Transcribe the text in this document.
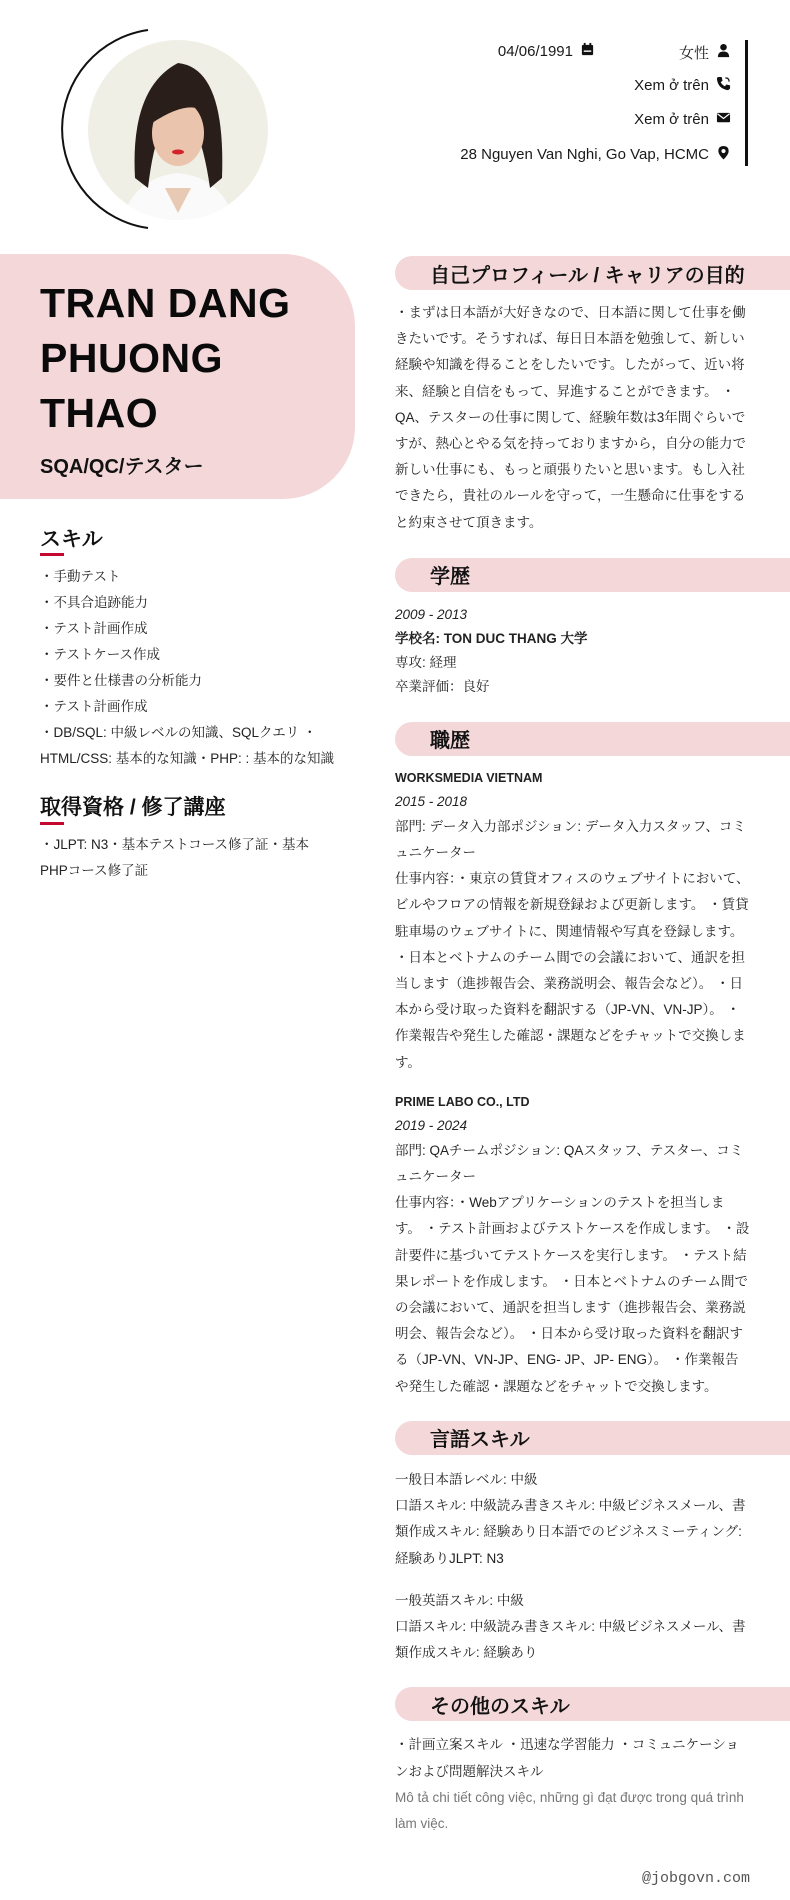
04/06/1991	女性
Xem ở trên
Xem ở trên
28 Nguyen Van Nghi, Go Vap, HCMC
TRAN DANG
PHUONG
THAO
SQA/QC/テスター
スキル
・手動テスト
・不具合追跡能力
・テスト計画作成
・テストケース作成
・要件と仕様書の分析能力
・テスト計画作成
・DB/SQL: 中級レベルの知識、SQLクエリ ・
HTML/CSS: 基本的な知識・PHP: : 基本的な知識
取得資格 / 修了講座
・JLPT: N3・基本テストコース修了証・基本
PHPコース修了証
自己プロフィール / キャリアの目的
・まずは日本語が大好きなので、日本語に関して仕事を働きたいです。そうすれば、毎日日本語を勉強して、新しい経験や知識を得ることをしたいです。したがって、近い将来、経験と自信をもって、昇進することができます。 ・QA、テスターの仕事に関して、経験年数は3年間ぐらいですが、熱心とやる気を持っておりますから，自分の能力で新しい仕事にも、もっと頑張りたいと思います。もし入社できたら，貴社のルールを守って，一生懸命に仕事をすると約束させて頂きます。
学歴
2009 - 2013
学校名: TON DUC THANG 大学
専攻: 経理
卒業評価：良好
職歴
WORKSMEDIA VIETNAM
2015 - 2018
部門: データ入力部ポジション: データ入力スタッフ、コミュニケーター
仕事内容：・東京の賃貸オフィスのウェブサイトにおいて、ビルやフロアの情報を新規登録および更新します。 ・賃貸駐車場のウェブサイトに、関連情報や写真を登録します。 ・日本とベトナムのチーム間での会議において、通訳を担当します（進捗報告会、業務説明会、報告会など）。 ・日本から受け取った資料を翻訳する（JP-VN、VN-JP）。 ・作業報告や発生した確認・課題などをチャットで交換します。
PRIME LABO CO., LTD
2019 - 2024
部門: QAチームポジション: QAスタッフ、テスター、コミュニケーター
仕事内容：・Webアプリケーションのテストを担当します。 ・テスト計画およびテストケースを作成します。 ・設計要件に基づいてテストケースを実行します。 ・テスト結果レポートを作成します。 ・日本とベトナムのチーム間での会議において、通訳を担当します（進捗報告会、業務説明会、報告会など）。 ・日本から受け取った資料を翻訳する（JP-VN、VN-JP、ENG- JP、JP- ENG）。 ・作業報告や発生した確認・課題などをチャットで交換します。
言語スキル
一般日本語レベル: 中級
口語スキル: 中級読み書きスキル: 中級ビジネスメール、書類作成スキル: 経験あり日本語でのビジネスミーティング: 経験ありJLPT: N3
一般英語スキル: 中級
口語スキル: 中級読み書きスキル: 中級ビジネスメール、書類作成スキル: 経験あり
その他のスキル
・計画立案スキル ・迅速な学習能力 ・コミュニケーションおよび問題解決スキル
Mô tả chi tiết công việc, những gì đạt được trong quá trình làm việc.
@jobgovn.com
